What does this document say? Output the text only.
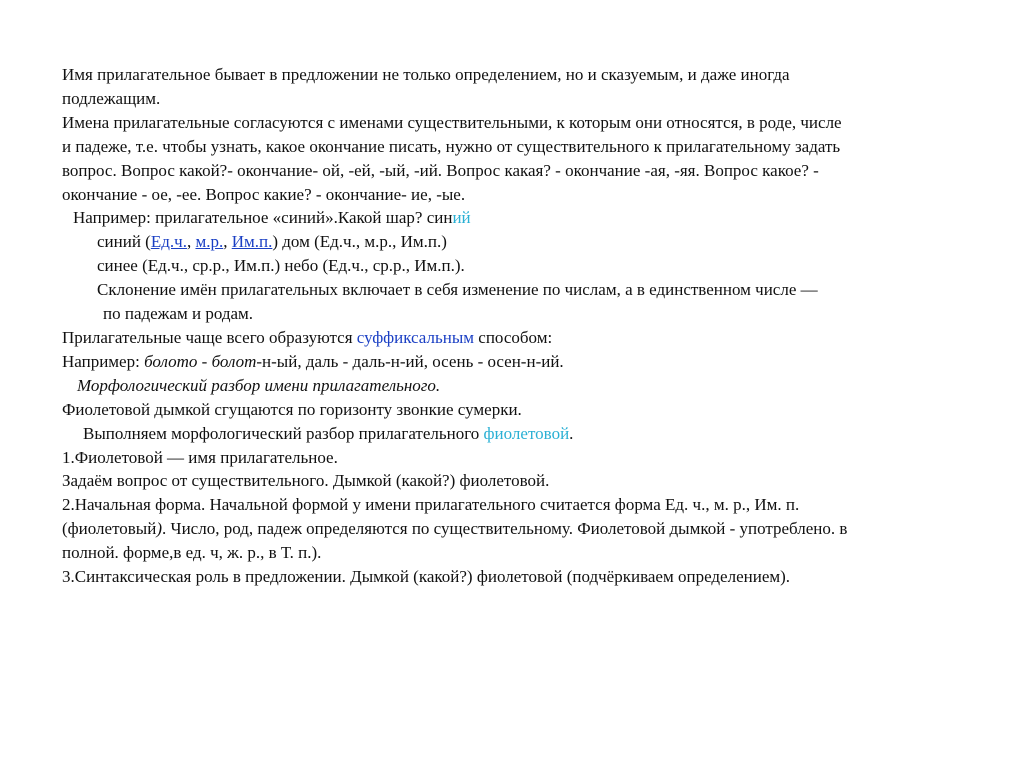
Имя прилагательное бывает в предложении не только определением, но и сказуемым, и даже иногда
подлежащим.
Имена прилагательные согласуются с именами существительными, к которым они относятся, в роде, числе
и падеже, т.е. чтобы узнать, какое окончание писать, нужно от существительного к прилагательному задать
вопрос. Вопрос какой?- окончание- ой, -ей, -ый, -ий. Вопрос какая? - окончание -ая, -яя. Вопрос какое? -
окончание - ое, -ее. Вопрос какие? - окончание- ие, -ые.
Например: прилагательное «синий».Какой шар? синий
синий (Ед.ч., м.р., Им.п.) дом (Ед.ч., м.р., Им.п.)
синее (Ед.ч., ср.р., Им.п.) небо (Ед.ч., ср.р., Им.п.).
Склонение имён прилагательных включает в себя изменение по числам, а в единственном числе —
по падежам и родам.
Прилагательные чаще всего образуются суффиксальным способом:
Например: болото - болот-н-ый, даль - даль-н-ий, осень - осен-н-ий.
Морфологический разбор имени прилагательного.
Фиолетовой дымкой сгущаются по горизонту звонкие сумерки.
Выполняем морфологический разбор прилагательного фиолетовой.
1.Фиолетовой — имя прилагательное.
Задаём вопрос от существительного. Дымкой (какой?) фиолетовой.
2.Начальная форма. Начальной формой у имени прилагательного считается форма Ед. ч., м. р., Им. п.
(фиолетовый). Число, род, падеж определяются по существительному. Фиолетовой дымкой - употреблено. в
полной. форме,в ед. ч, ж. р., в Т. п.).
3.Синтаксическая роль в предложении. Дымкой (какой?) фиолетовой (подчёркиваем определением).
